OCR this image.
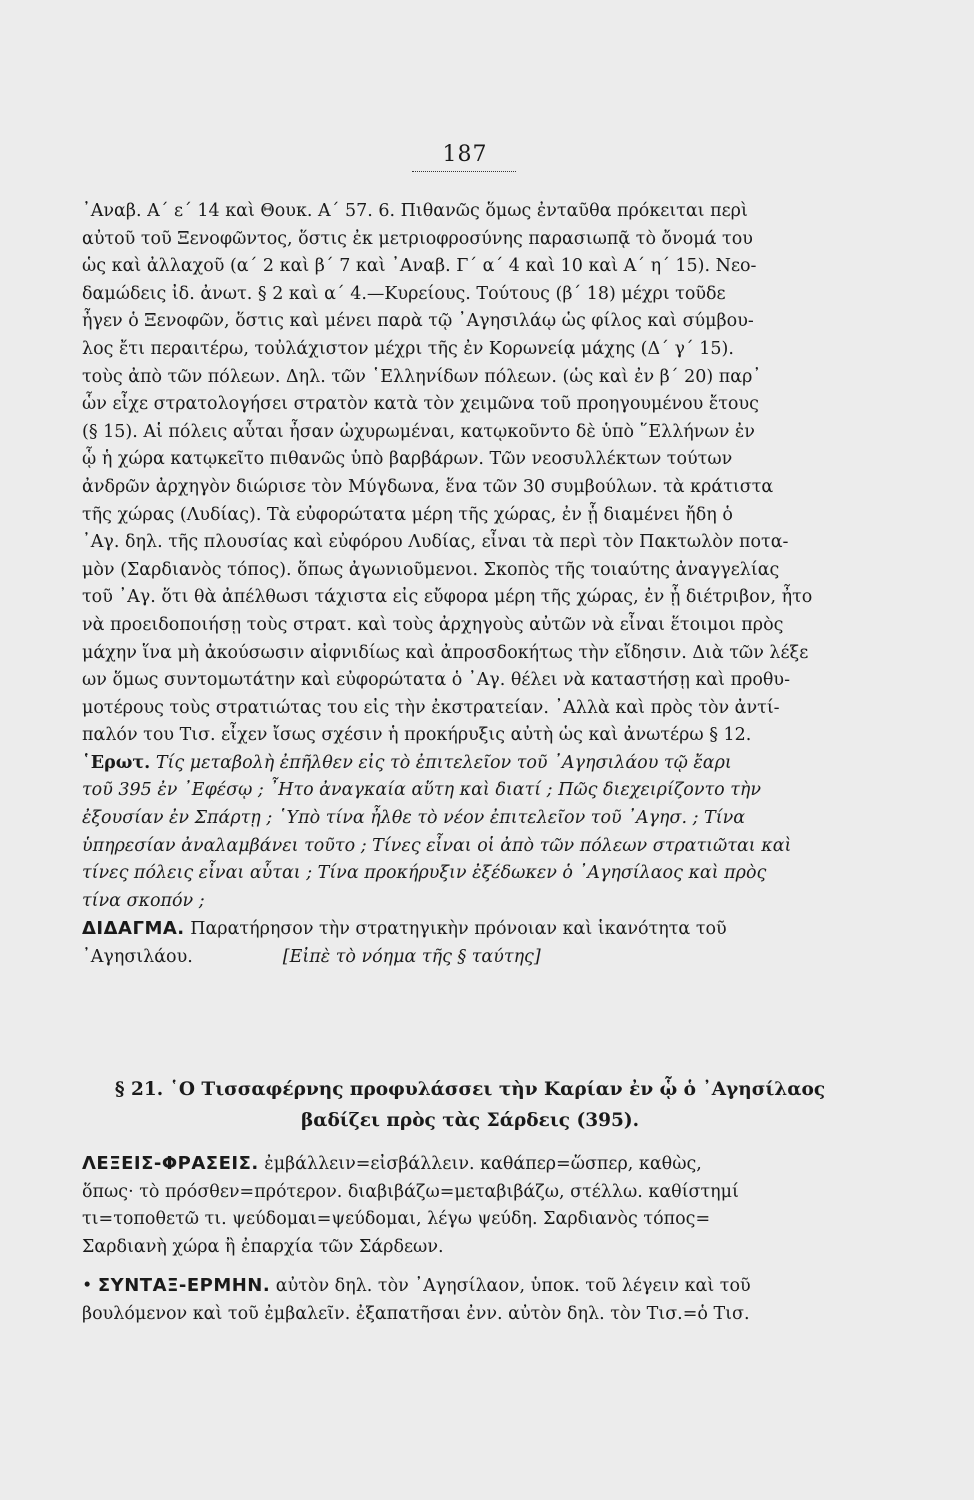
187
᾽Αναβ. Α΄ ε΄ 14 καὶ Θουκ. Α΄ 57. 6. Πιθανῶς ὅμως ἐνταῦθα πρόκειται περὶ
αὐτοῦ τοῦ Ξενοφῶντος, ὅστις ἐκ μετριοφροσύνης παρασιωπᾷ τὸ ὄνομά του
ὡς καὶ ἀλλαχοῦ (α΄ 2 καὶ β΄ 7 καὶ ᾽Αναβ. Γ΄ α΄ 4 καὶ 10 καὶ Α΄ η΄ 15). Νεο-
δαμώδεις ἰδ. ἀνωτ. § 2 καὶ α΄ 4.—Κυρείους. Τούτους (β΄ 18) μέχρι τοῦδε
ἦγεν ὁ Ξενοφῶν, ὅστις καὶ μένει παρὰ τῷ ᾽Αγησιλάῳ ὡς φίλος καὶ σύμβου-
λος ἔτι περαιτέρω, τοὐλάχιστον μέχρι τῆς ἐν Κορωνείᾳ μάχης (Δ΄ γ΄ 15).
τοὺς ἀπὸ τῶν πόλεων. Δηλ. τῶν ῾Ελληνίδων πόλεων. (ὡς καὶ ἐν β΄ 20) παρ᾽
ὧν εἶχε στρατολογήσει στρατὸν κατὰ τὸν χειμῶνα τοῦ προηγουμένου ἔτους
(§ 15). Αἱ πόλεις αὗται ἦσαν ὠχυρωμέναι, κατῳκοῦντο δὲ ὑπὸ ῞Ελλήνων ἐν
ᾧ ἡ χώρα κατῳκεῖτο πιθανῶς ὑπὸ βαρβάρων. Τῶν νεοσυλλέκτων τούτων
ἀνδρῶν ἀρχηγὸν διώρισε τὸν Μύγδωνα, ἕνα τῶν 30 συμβούλων. τὰ κράτιστα
τῆς χώρας (Λυδίας). Τὰ εὐφορώτατα μέρη τῆς χώρας, ἐν ᾗ διαμένει ἤδη ὁ
᾽Αγ. δηλ. τῆς πλουσίας καὶ εὐφόρου Λυδίας, εἶναι τὰ περὶ τὸν Πακτωλὸν ποτα-
μὸν (Σαρδιανὸς τόπος). ὅπως ἀγωνιοῦμενοι. Σκοπὸς τῆς τοιαύτης ἀναγγελίας
τοῦ ᾽Αγ. ὅτι θὰ ἀπέλθωσι τάχιστα εἰς εὔφορα μέρη τῆς χώρας, ἐν ᾗ διέτριβον, ἦτο
νὰ προειδοποιήσῃ τοὺς στρατ. καὶ τοὺς ἀρχηγοὺς αὐτῶν νὰ εἶναι ἕτοιμοι πρὸς
μάχην ἵνα μὴ ἀκούσωσιν αἰφνιδίως καὶ ἀπροσδοκήτως τὴν εἴδησιν. Διὰ τῶν λέξε
ων ὅμως συντομωτάτην καὶ εὐφορώτατα ὁ ᾽Αγ. θέλει νὰ καταστήσῃ καὶ προθυ-
μοτέρους τοὺς στρατιώτας του εἰς τὴν ἐκστρατείαν. ᾽Αλλὰ καὶ πρὸς τὸν ἀντί-
παλόν του Τισ. εἶχεν ἴσως σχέσιν ἡ προκήρυξις αὐτὴ ὡς καὶ ἀνωτέρω § 12.
῾Ερωτ. Τίς μεταβολὴ ἐπῆλθεν εἰς τὸ ἐπιτελεῖον τοῦ ᾽Αγησιλάου τῷ ἔαρι
τοῦ 395 ἐν ᾽Εφέσῳ ; ῏Ητο ἀναγκαία αὕτη καὶ διατί ; Πῶς διεχειρίζοντο τὴν
ἐξουσίαν ἐν Σπάρτῃ ; ῾Υπὸ τίνα ἦλθε τὸ νέον ἐπιτελεῖον τοῦ ᾽Αγησ. ; Τίνα
ὑπηρεσίαν ἀναλαμβάνει τοῦτο ; Τίνες εἶναι οἱ ἀπὸ τῶν πόλεων στρατιῶται καὶ
τίνες πόλεις εἶναι αὗται ; Τίνα προκήρυξιν ἐξέδωκεν ὁ ᾽Αγησίλαος καὶ πρὸς
τίνα σκοπόν ;
ΔΙΔΑΓΜΑ. Παρατήρησον τὴν στρατηγικὴν πρόνοιαν καὶ ἱκανότητα τοῦ
᾽Αγησιλάου.	[Εἰπὲ τὸ νόημα τῆς § ταύτης]
§ 21. ῾Ο Τισσαφέρνης προφυλάσσει τὴν Καρίαν ἐν ᾧ ὁ ᾽Αγησίλαος
βαδίζει πρὸς τὰς Σάρδεις (395).
ΛΕΞΕΙΣ-ΦΡΑΣΕΙΣ. ἐμβάλλειν=εἰσβάλλειν. καθάπερ=ὥσπερ, καθὼς,
ὅπως· τὸ πρόσθεν=πρότερον. διαβιβάζω=μεταβιβάζω, στέλλω. καθίστημί
τι=τοποθετῶ τι. ψεύδομαι=ψεύδομαι, λέγω ψεύδη. Σαρδιανὸς τόπος=
Σαρδιανὴ χώρα ἢ ἐπαρχία τῶν Σάρδεων.
• ΣΥΝΤΑΞ-ΕΡΜΗΝ. αὐτὸν δηλ. τὸν ᾽Αγησίλαον, ὑποκ. τοῦ λέγειν καὶ τοῦ
βουλόμενον καὶ τοῦ ἐμβαλεῖν. ἐξαπατῆσαι ἐνν. αὐτὸν δηλ. τὸν Τισ.=ὁ Τισ.
